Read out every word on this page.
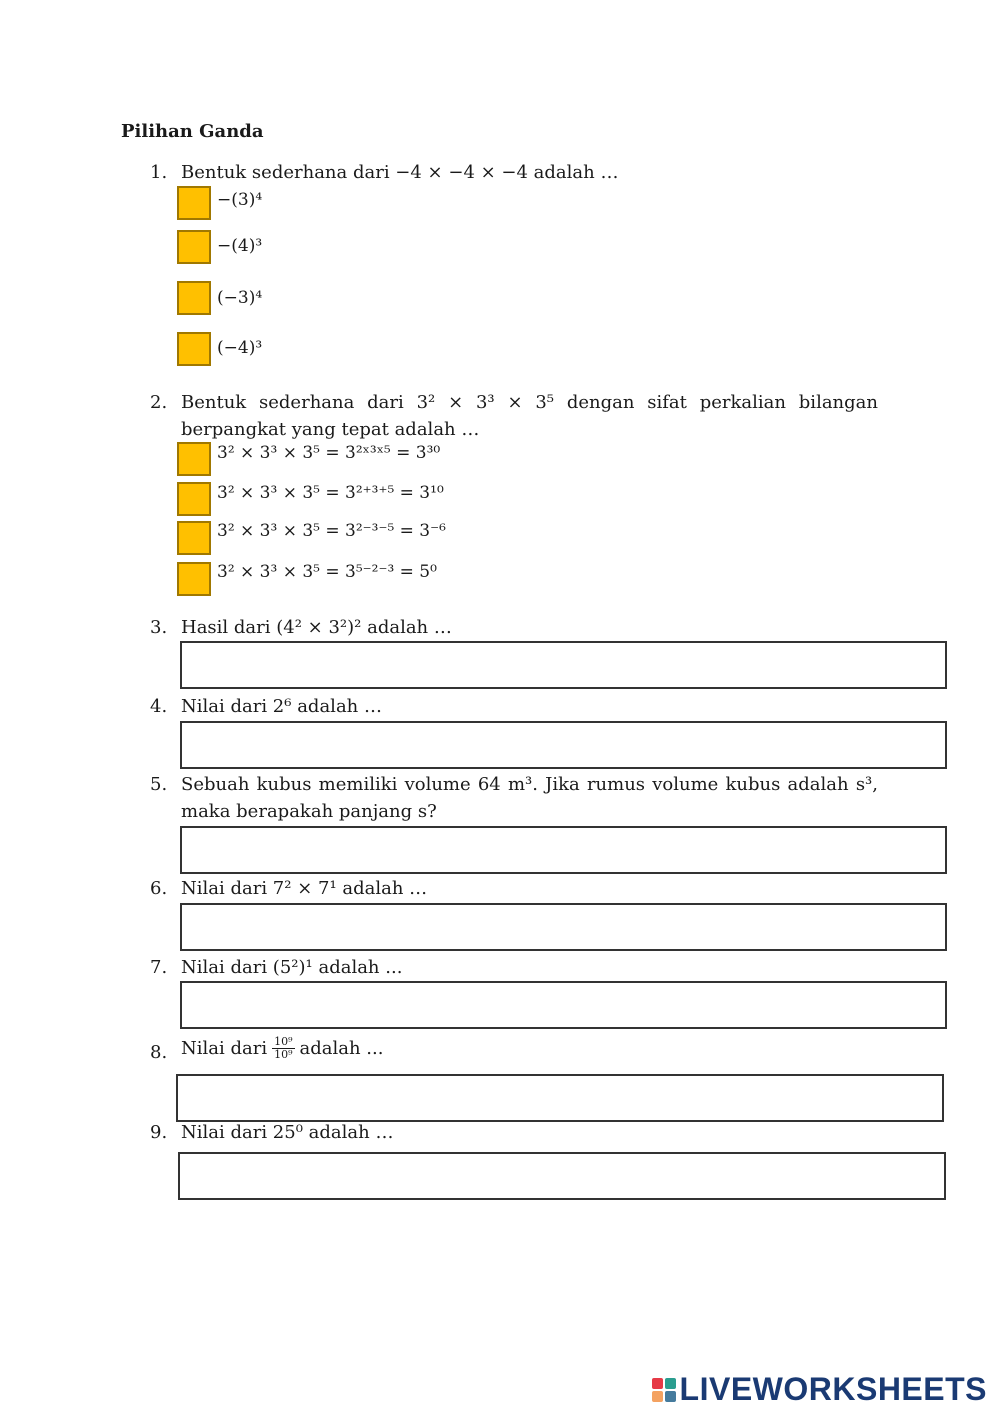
Pilihan Ganda
1. Bentuk sederhana dari −4 × −4 × −4 adalah …
−(3)⁴
−(4)³
(−3)⁴
(−4)³
2. Bentuk sederhana dari 3² × 3³ × 3⁵ dengan sifat perkalian bilangan
berpangkat yang tepat adalah …
3² × 3³ × 3⁵ = 3²ˣ³ˣ⁵ = 3³⁰
3² × 3³ × 3⁵ = 3²⁺³⁺⁵ = 3¹⁰
3² × 3³ × 3⁵ = 3²⁻³⁻⁵ = 3⁻⁶
3² × 3³ × 3⁵ = 3⁵⁻²⁻³ = 5⁰
3. Hasil dari (4² × 3²)² adalah …
4. Nilai dari 2⁶ adalah …
5. Sebuah kubus memiliki volume 64 m³. Jika rumus volume kubus adalah s³,
maka berapakah panjang s?
6. Nilai dari 7² × 7¹ adalah …
7. Nilai dari (5²)¹ adalah ...
8. Nilai dari $\frac{\text{10⁹}}{\text{10⁹}}$ adalah ...
9. Nilai dari 25⁰ adalah …
LIVEWORKSHEETS
